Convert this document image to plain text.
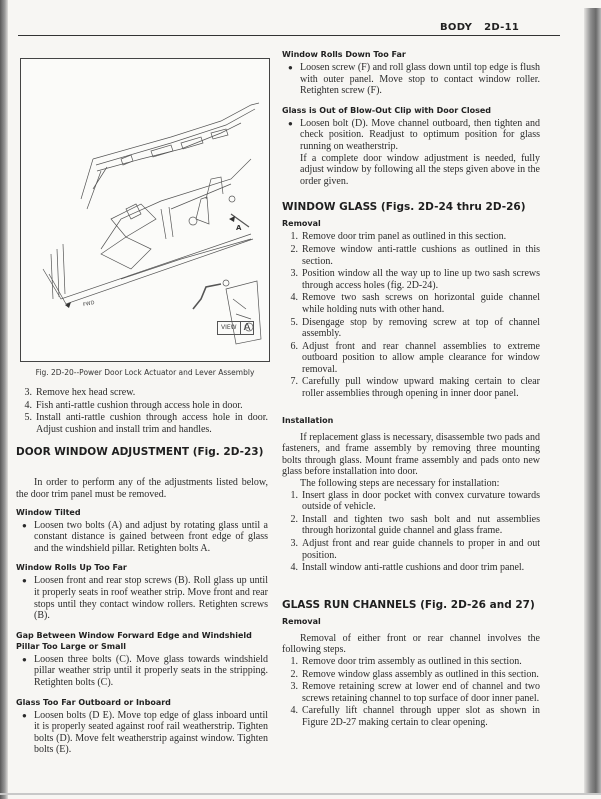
BODY 2D-11
FWD
A
VIEW A
Fig. 2D-20--Power Door Lock Actuator and Lever Assembly
3. Remove hex head screw.
4. Fish anti-rattle cushion through access hole in door.
5. Install anti-rattle cushion through access hole in door. Adjust cushion and install trim and handles.
DOOR WINDOW ADJUSTMENT (Fig. 2D-23)

In order to perform any of the adjustments listed below, the door trim panel must be removed.

Window Tilted
● Loosen two bolts (A) and adjust by rotating glass until a constant distance is gained between front edge of glass and the windshield pillar. Retighten bolts A.
Window Rolls Up Too Far
● Loosen front and rear stop screws (B). Roll glass up until it properly seats in roof weather strip. Move front and rear stops until they contact window rollers. Retighten screws (B).
Gap Between Window Forward Edge and Windshield Pillar Too Large or Small
● Loosen three bolts (C). Move glass towards windshield pillar weather strip until it properly seats in the stripping. Retighten bolts (C).
Glass Too Far Outboard or Inboard
● Loosen bolts (D E). Move top edge of glass inboard until it is properly seated against roof rail weatherstrip. Tighten bolts (D). Move felt weatherstrip against window. Tighten bolts (E).
Window Rolls Down Too Far
● Loosen screw (F) and roll glass down until top edge is flush with outer panel. Move stop to contact window roller. Retighten screw (F).
Glass is Out of Blow-Out Clip with Door Closed
● Loosen bolt (D). Move channel outboard, then tighten and check position. Readjust to optimum position for glass running on weatherstrip.
If a complete door window adjustment is needed, fully adjust window by following all the steps given above in the order given.
WINDOW GLASS (Figs. 2D-24 thru 2D-26)
Removal
1. Remove door trim panel as outlined in this section.
2. Remove window anti-rattle cushions as outlined in this section.
3. Position window all the way up to line up two sash screws through access holes (fig. 2D-24).
4. Remove two sash screws on horizontal guide channel while holding nuts with other hand.
5. Disengage stop by removing screw at top of channel assembly.
6. Adjust front and rear channel assemblies to extreme outboard position to allow ample clearance for window removal.
7. Carefully pull window upward making certain to clear roller assemblies through opening in inner door panel.
Installation

If replacement glass is necessary, disassemble two pads and fasteners, and frame assembly by removing three mounting bolts through glass. Mount frame assembly and pads onto new glass before installation into door.

The following steps are necessary for installation:

1. Insert glass in door pocket with convex curvature towards outside of vehicle.
2. Install and tighten two sash bolt and nut assemblies through horizontal guide channel and glass frame.
3. Adjust front and rear guide channels to proper in and out position.
4. Install window anti-rattle cushions and door trim panel.
GLASS RUN CHANNELS (Fig. 2D-26 and 27)
Removal

Removal of either front or rear channel involves the following steps.

1. Remove door trim assembly as outlined in this section.
2. Remove window glass assembly as outlined in this section.
3. Remove retaining screw at lower end of channel and two screws retaining channel to top surface of door inner panel.
4. Carefully lift channel through upper slot as shown in Figure 2D-27 making certain to clear opening.
